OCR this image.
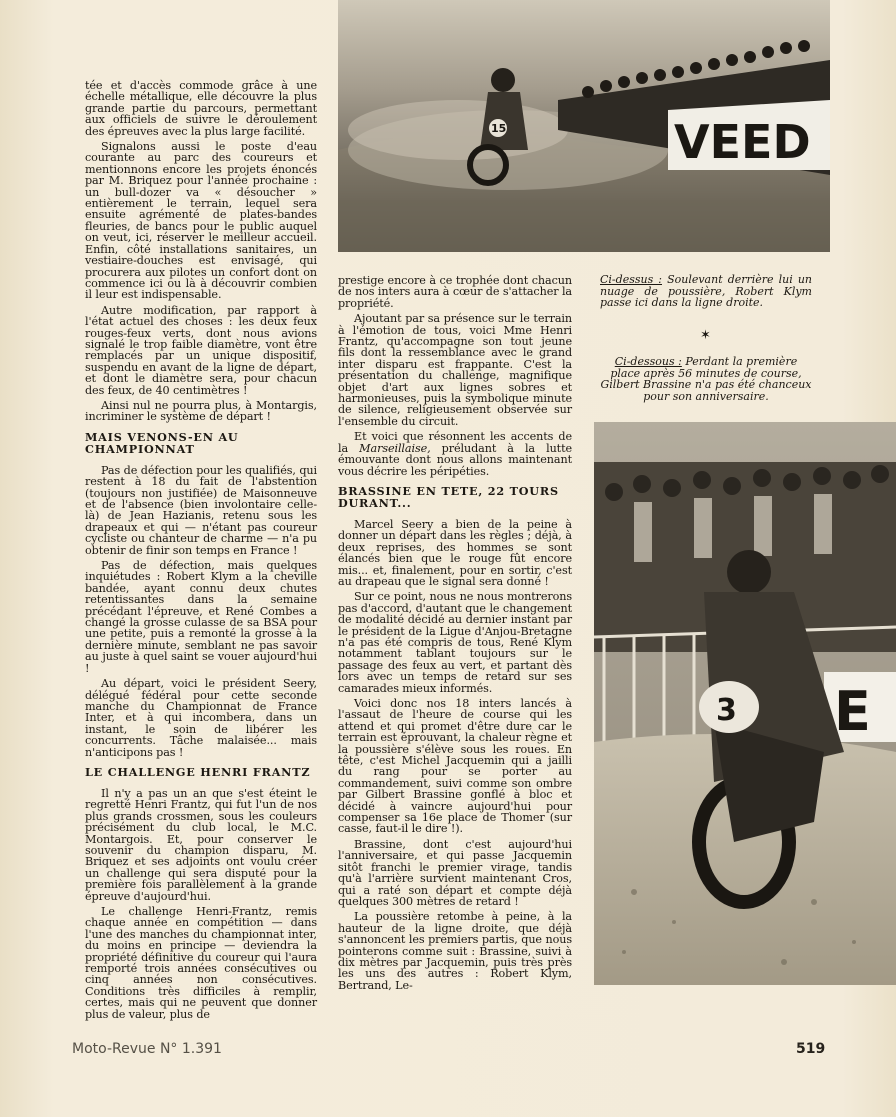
VEED
15

tée et d'accès commode grâce à une échelle métallique, elle découvre la plus grande partie du parcours, permettant aux officiels de suivre le déroulement des épreuves avec la plus large facilité.

Signalons aussi le poste d'eau courante au parc des coureurs et mentionnons encore les projets énoncés par M. Briquez pour l'année prochaine : un bull-dozer va « désoucher » entièrement le terrain, lequel sera ensuite agrémenté de plates-bandes fleuries, de bancs pour le public auquel on veut, ici, réserver le meilleur accueil. Enfin, côté installations sanitaires, un vestiaire-douches est envisagé, qui procurera aux pilotes un confort dont on commence ici ou là à découvrir combien il leur est indispensable.

Autre modification, par rapport à l'état actuel des choses : les deux feux rouges-feux verts, dont nous avions signalé le trop faible diamètre, vont être remplacés par un unique dispositif, suspendu en avant de la ligne de départ, et dont le diamètre sera, pour chacun des feux, de 40 centimètres !

Ainsi nul ne pourra plus, à Montargis, incriminer le système de départ !

MAIS VENONS-EN AU CHAMPIONNAT

Pas de défection pour les qualifiés, qui restent à 18 du fait de l'abstention (toujours non justifiée) de Maisonneuve et de l'absence (bien involontaire celle-là) de Jean Hazianis, retenu sous les drapeaux et qui — n'étant pas coureur cycliste ou chanteur de charme — n'a pu obtenir de finir son temps en France !

Pas de défection, mais quelques inquiétudes : Robert Klym a la cheville bandée, ayant connu deux chutes retentissantes dans la semaine précédant l'épreuve, et René Combes a changé la grosse culasse de sa BSA pour une petite, puis a remonté la grosse à la dernière minute, semblant ne pas savoir au juste à quel saint se vouer aujourd'hui !

Au départ, voici le président Seery, délégué fédéral pour cette seconde manche du Championnat de France Inter, et à qui incombera, dans un instant, le soin de libérer les concurrents. Tâche malaisée... mais n'anticipons pas !

LE CHALLENGE HENRI FRANTZ

Il n'y a pas un an que s'est éteint le regretté Henri Frantz, qui fut l'un de nos plus grands crossmen, sous les couleurs précisément du club local, le M.C. Montargois. Et, pour conserver le souvenir du champion disparu, M. Briquez et ses adjoints ont voulu créer un challenge qui sera disputé pour la première fois parallèlement à la grande épreuve d'aujourd'hui.

Le challenge Henri-Frantz, remis chaque année en compétition — dans l'une des manches du championnat inter, du moins en principe — deviendra la propriété définitive du coureur qui l'aura remporté trois années consécutives ou cinq années non consécutives. Conditions très difficiles à remplir, certes, mais qui ne peuvent que donner plus de valeur, plus de

prestige encore à ce trophée dont chacun de nos inters aura à cœur de s'attacher la propriété.

Ajoutant par sa présence sur le terrain à l'émotion de tous, voici Mme Henri Frantz, qu'accompagne son tout jeune fils dont la ressemblance avec le grand inter disparu est frappante. C'est la présentation du challenge, magnifique objet d'art aux lignes sobres et harmonieuses, puis la symbolique minute de silence, religieusement observée sur l'ensemble du circuit.

Et voici que résonnent les accents de la Marseillaise, préludant à la lutte émouvante dont nous allons maintenant vous décrire les péripéties.

BRASSINE EN TETE, 22 TOURS DURANT...

Marcel Seery a bien de la peine à donner un départ dans les règles ; déjà, à deux reprises, des hommes se sont élancés bien que le rouge fût encore mis... et, finalement, pour en sortir, c'est au drapeau que le signal sera donné !

Sur ce point, nous ne nous montrerons pas d'accord, d'autant que le changement de modalité décidé au dernier instant par le président de la Ligue d'Anjou-Bretagne n'a pas été compris de tous, René Klym notamment tablant toujours sur le passage des feux au vert, et partant dès lors avec un temps de retard sur ses camarades mieux informés.

Voici donc nos 18 inters lancés à l'assaut de l'heure de course qui les attend et qui promet d'être dure car le terrain est éprouvant, la chaleur règne et la poussière s'élève sous les roues. En tête, c'est Michel Jacquemin qui a jailli du rang pour se porter au commandement, suivi comme son ombre par Gilbert Brassine gonflé à bloc et décidé à vaincre aujourd'hui pour compenser sa 16e place de Thomer (sur casse, faut-il le dire !).

Brassine, dont c'est aujourd'hui l'anniversaire, et qui passe Jacquemin sitôt franchi le premier virage, tandis qu'à l'arrière survient maintenant Cros, qui a raté son départ et compte déjà quelques 300 mètres de retard !

La poussière retombe à peine, à la hauteur de la ligne droite, que déjà s'annoncent les premiers partis, que nous pointerons comme suit : Brassine, suivi à dix mètres par Jacquemin, puis très près les uns des autres : Robert Klym, Bertrand, Le-

Ci-dessus : Soulevant derrière lui un nuage de poussière, Robert Klym passe ici dans la ligne droite.
✶
Ci-dessous : Perdant la première place après 56 minutes de course, Gilbert Brassine n'a pas été chanceux pour son anniversaire.
E
3
Moto-Revue N° 1.391	519
